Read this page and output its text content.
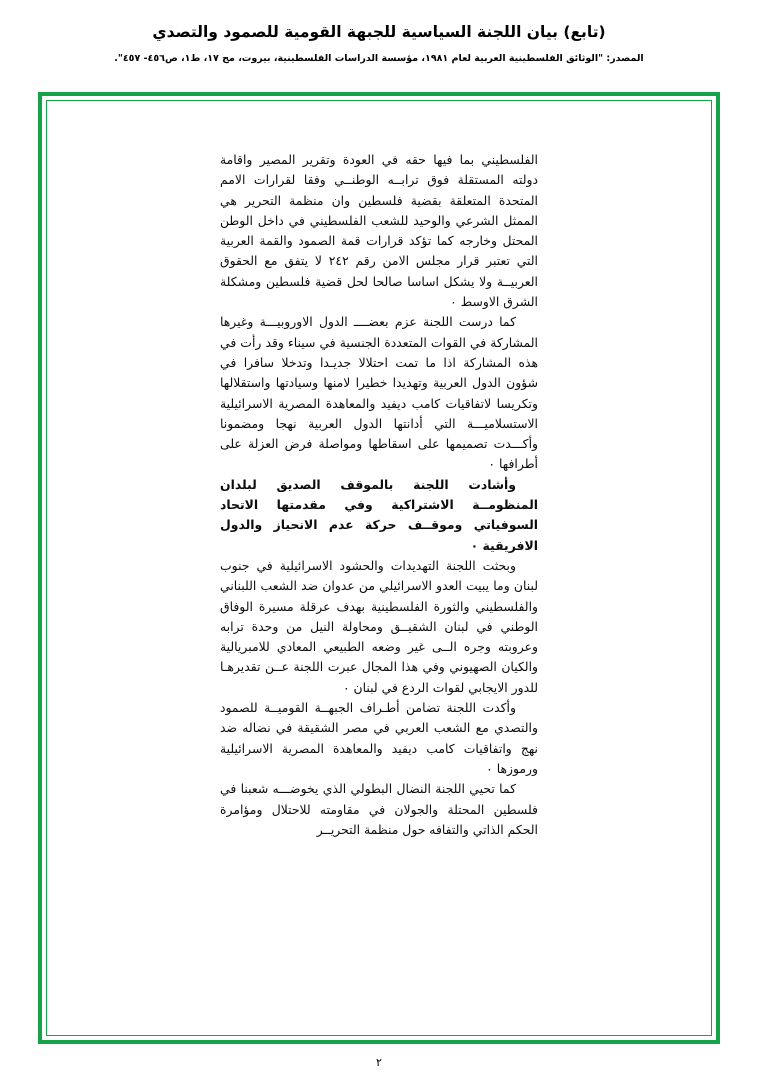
(تابع) بيان اللجنة السياسية للجبهة القومية للصمود والتصدي
المصدر: "الوثائق الفلسطينية العربية لعام ١٩٨١، مؤسسة الدراسات الفلسطينية، بيروت، مج ١٧، ط١، ص٤٥٦- ٤٥٧".

الفلسطيني بما فيها حقه في العودة وتقرير المصير واقامة دولته المستقلة فوق ترابــه الوطنــي وفقا لقرارات الامم المتحدة المتعلقة بقضية فلسطين وان منظمة التحرير هي الممثل الشرعي والوحيد للشعب الفلسطيني في داخل الوطن المحتل وخارجه كما تؤكد قرارات قمة الصمود والقمة العربية التي تعتبر قرار مجلس الامن رقم ٢٤٢ لا يتفق مع الحقوق العربيــة ولا يشكل اساسا صالحا لحل قضية فلسطين ومشكلة الشرق الاوسط ٠

كما درست اللجنة عزم بعضــــ الدول الاوروبيـــة وغيرها المشاركة في القوات المتعددة الجنسية في سيناء وقد رأت في هذه المشاركة اذا ما تمت احتلالا جديـدا وتدخلا سافرا في شؤون الدول العربية وتهديدا خطيرا لامنها وسيادتها واستقلالها وتكريسا لاتفاقيات كامب ديفيد والمعاهدة المصرية الاسرائيلية الاستسلاميـــة التي أدانتها الدول العربية نهجا ومضمونا وأكـــدت تصميمها على اسقاطها ومواصلة فرض العزلة على أطرافها ٠

وأشادت اللجنة بالموقف الصديق لبلدان المنظومــة الاشتراكية وفي مقدمتها الاتحاد السوفياتي وموقــف حركة عدم الانحياز والدول الافريقية ٠

وبحثت اللجنة التهديدات والحشود الاسرائيلية في جنوب لبنان وما يبيت العدو الاسرائيلي من عدوان ضد الشعب اللبناني والفلسطيني والثورة الفلسطينية بهدف عرقلة مسيرة الوفاق الوطني في لبنان الشقيــق ومحاولة النيل من وحدة ترابه وعروبته وجره الــى غير وضعه الطبيعي المعادي للامبريالية والكيان الصهيوني وفي هذا المجال عبرت اللجنة عــن تقديرهـا للدور الايجابي لقوات الردع في لبنان ٠

وأكدت اللجنة تضامن أطـراف الجبهــة القوميــة للصمود والتصدي مع الشعب العربي في مصر الشقيقة في نضاله ضد نهج واتفاقيات كامب ديفيد والمعاهدة المصرية الاسرائيلية ورموزها ٠

كما تحيي اللجنة النضال البطولي الذي يخوضـــه شعبنا في فلسطين المحتلة والجولان في مقاومته للاحتلال ومؤامرة الحكم الذاتي والتفافه حول منظمة التحريــر

٢
